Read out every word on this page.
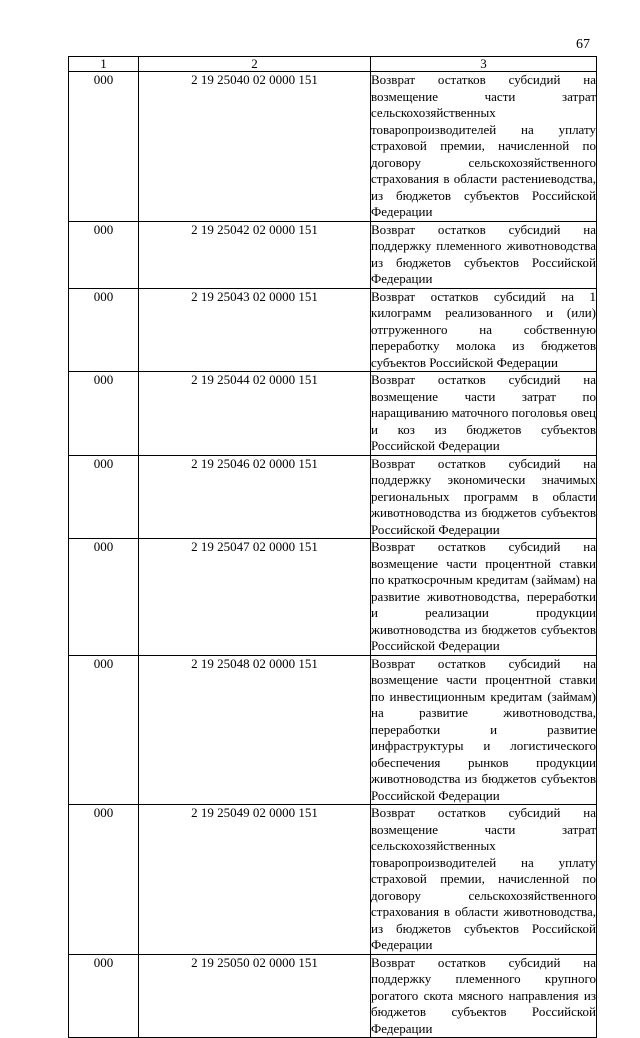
67
1	2	3
000	2 19 25040 02 0000 151	Возврат остатков субсидий на возмещение части затрат сельскохозяйственных товаропроизводителей на уплату страховой премии, начисленной по договору сельскохозяйственного страхования в области растениеводства, из бюджетов субъектов Российской Федерации
000	2 19 25042 02 0000 151	Возврат остатков субсидий на поддержку племенного животноводства из бюджетов субъектов Российской Федерации
000	2 19 25043 02 0000 151	Возврат остатков субсидий на 1 килограмм реализованного и (или) отгруженного на собственную переработку молока из бюджетов субъектов Российской Федерации
000	2 19 25044 02 0000 151	Возврат остатков субсидий на возмещение части затрат по наращиванию маточного поголовья овец и коз из бюджетов субъектов Российской Федерации
000	2 19 25046 02 0000 151	Возврат остатков субсидий на поддержку экономически значимых региональных программ в области животноводства из бюджетов субъектов Российской Федерации
000	2 19 25047 02 0000 151	Возврат остатков субсидий на возмещение части процентной ставки по краткосрочным кредитам (займам) на развитие животноводства, переработки и реализации продукции животноводства из бюджетов субъектов Российской Федерации
000	2 19 25048 02 0000 151	Возврат остатков субсидий на возмещение части процентной ставки по инвестиционным кредитам (займам) на развитие животноводства, переработки и развитие инфраструктуры и логистического обеспечения рынков продукции животноводства из бюджетов субъектов Российской Федерации
000	2 19 25049 02 0000 151	Возврат остатков субсидий на возмещение части затрат сельскохозяйственных товаропроизводителей на уплату страховой премии, начисленной по договору сельскохозяйственного страхования в области животноводства, из бюджетов субъектов Российской Федерации
000	2 19 25050 02 0000 151	Возврат остатков субсидий на поддержку племенного крупного рогатого скота мясного направления из бюджетов субъектов Российской Федерации
